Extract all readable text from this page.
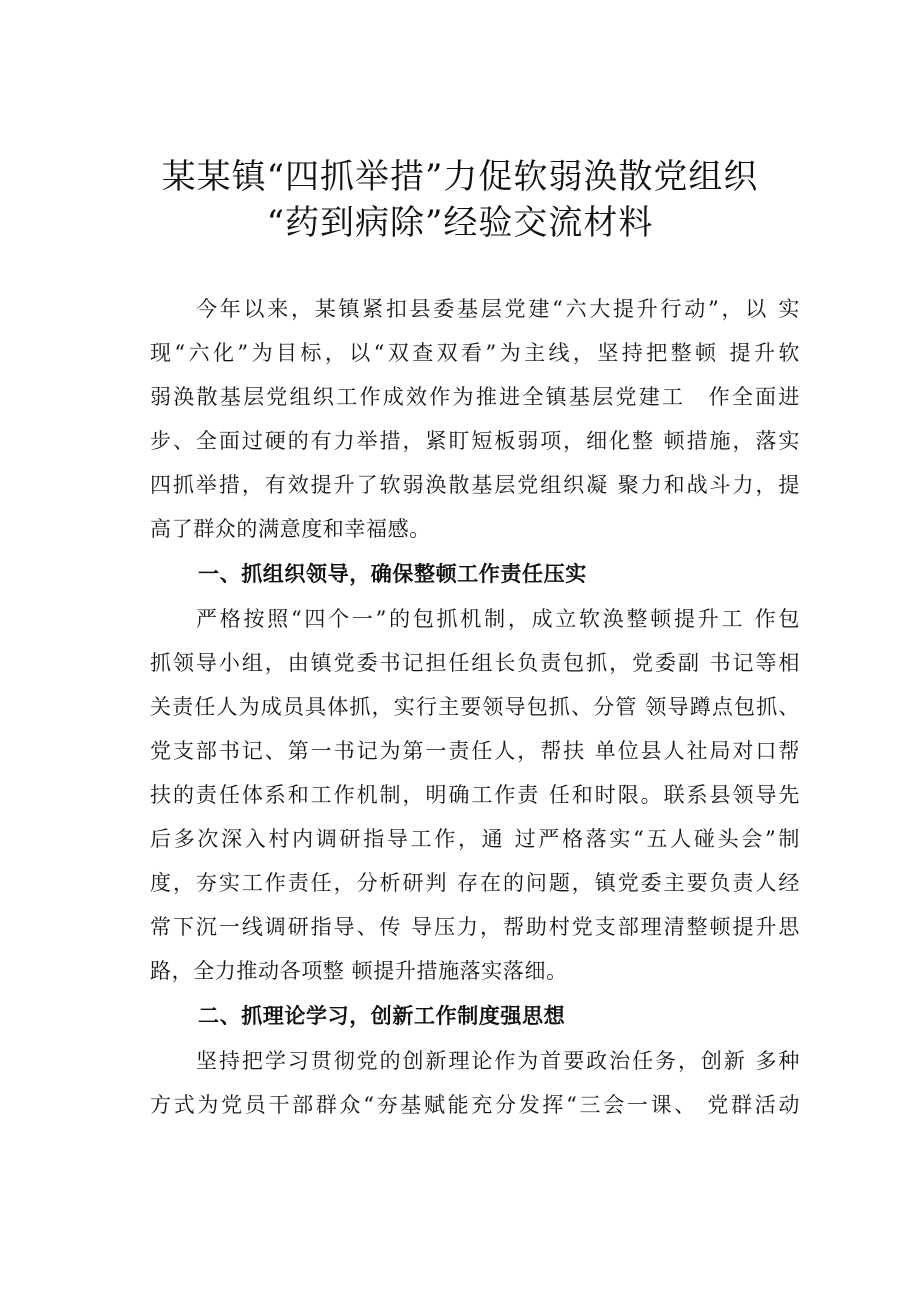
某某镇“四抓举措”力促软弱涣散党组织
“药到病除”经验交流材料
今年以来，某镇紧扣县委基层党建“六大提升行动”，以 实
现“六化”为目标，以“双查双看”为主线，坚持把整顿 提升软
弱涣散基层党组织工作成效作为推进全镇基层党建工　作全面进
步、全面过硬的有力举措，紧盯短板弱项，细化整 顿措施，落实
四抓举措，有效提升了软弱涣散基层党组织凝 聚力和战斗力，提
高了群众的满意度和幸福感。
一、抓组织领导，确保整顿工作责任压实
严格按照“四个一”的包抓机制，成立软涣整顿提升工 作包
抓领导小组，由镇党委书记担任组长负责包抓，党委副 书记等相
关责任人为成员具体抓，实行主要领导包抓、分管 领导蹲点包抓、
党支部书记、第一书记为第一责任人，帮扶 单位县人社局对口帮
扶的责任体系和工作机制，明确工作责 任和时限。联系县领导先
后多次深入村内调研指导工作，通 过严格落实“五人碰头会”制
度，夯实工作责任，分析研判 存在的问题，镇党委主要负责人经
常下沉一线调研指导、传 导压力，帮助村党支部理清整顿提升思
路，全力推动各项整 顿提升措施落实落细。
二、抓理论学习，创新工作制度强思想
坚持把学习贯彻党的创新理论作为首要政治任务，创新 多种
方式为党员干部群众“夯基赋能充分发挥“三会一课、 党群活动
